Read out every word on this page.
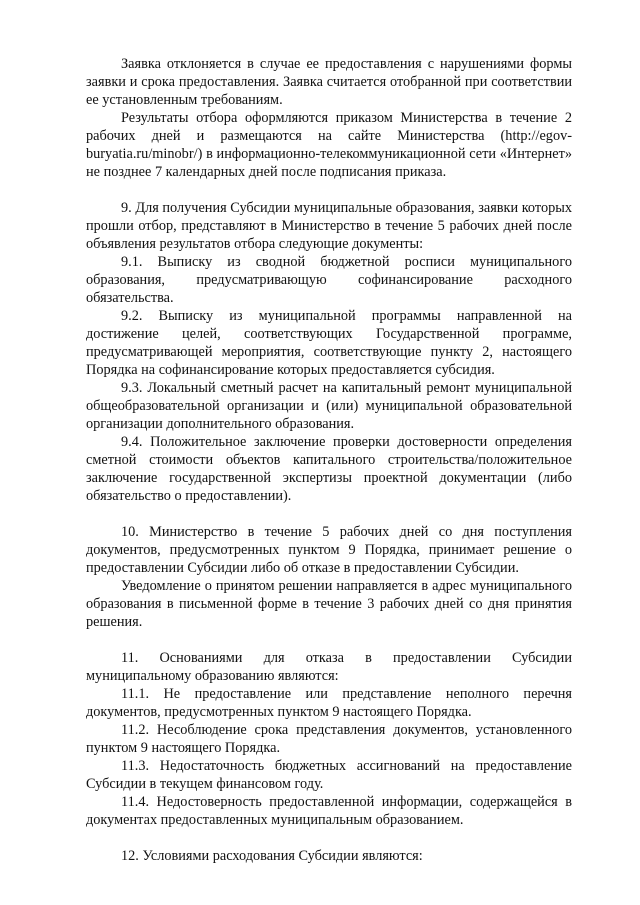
Заявка отклоняется в случае ее предоставления с нарушениями формы заявки и срока предоставления. Заявка считается отобранной при соответствии ее установленным требованиям.

Результаты отбора оформляются приказом Министерства в течение 2 рабочих дней и размещаются на сайте Министерства (http://egov-buryatia.ru/minobr/) в информационно-телекоммуникационной сети «Интернет» не позднее 7 календарных дней после подписания приказа.

9. Для получения Субсидии муниципальные образования, заявки которых прошли отбор, представляют в Министерство в течение 5 рабочих дней после объявления результатов отбора следующие документы:

9.1. Выписку из сводной бюджетной росписи муниципального образования, предусматривающую софинансирование расходного обязательства.

9.2. Выписку из муниципальной программы направленной на достижение целей, соответствующих Государственной программе, предусматривающей мероприятия, соответствующие пункту 2, настоящего Порядка на софинансирование которых предоставляется субсидия.

9.3. Локальный сметный расчет на капитальный ремонт муниципальной общеобразовательной организации и (или) муниципальной образовательной организации дополнительного образования.

9.4. Положительное заключение проверки достоверности определения сметной стоимости объектов капитального строительства/положительное заключение государственной экспертизы проектной документации (либо обязательство о предоставлении).

10. Министерство в течение 5 рабочих дней со дня поступления документов, предусмотренных пунктом 9 Порядка, принимает решение о предоставлении Субсидии либо об отказе в предоставлении Субсидии.

Уведомление о принятом решении направляется в адрес муниципального образования в письменной форме в течение 3 рабочих дней со дня принятия решения.

11. Основаниями для отказа в предоставлении Субсидии муниципальному образованию являются:

11.1. Не предоставление или представление неполного перечня документов, предусмотренных пунктом 9 настоящего Порядка.

11.2. Несоблюдение срока представления документов, установленного пунктом 9 настоящего Порядка.

11.3. Недостаточность бюджетных ассигнований на предоставление Субсидии в текущем финансовом году.

11.4. Недостоверность предоставленной информации, содержащейся в документах предоставленных муниципальным образованием.

12. Условиями расходования Субсидии являются:
